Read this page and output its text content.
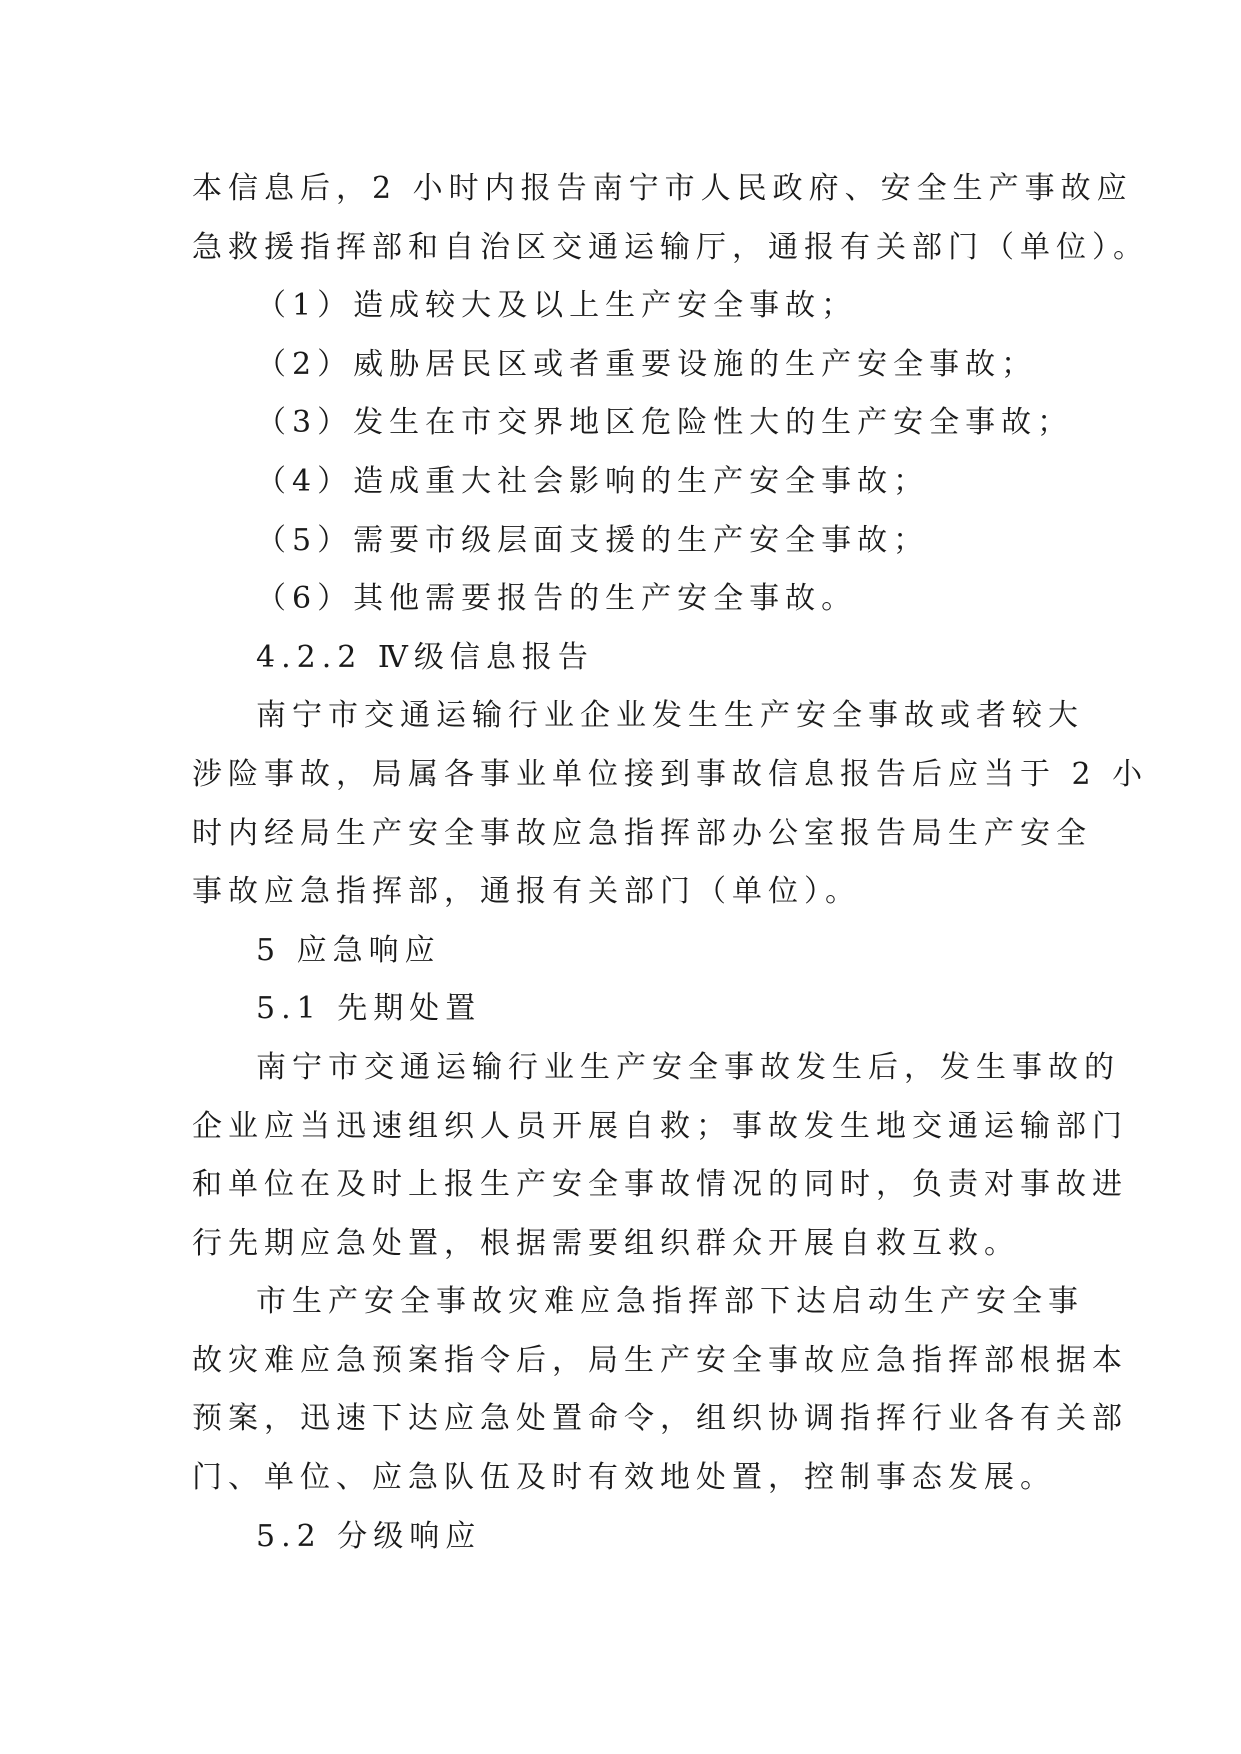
本信息后，2 小时内报告南宁市人民政府、安全生产事故应
急救援指挥部和自治区交通运输厅，通报有关部门（单位）。
（1）造成较大及以上生产安全事故；
（2）威胁居民区或者重要设施的生产安全事故；
（3）发生在市交界地区危险性大的生产安全事故；
（4）造成重大社会影响的生产安全事故；
（5）需要市级层面支援的生产安全事故；
（6）其他需要报告的生产安全事故。
4.2.2 Ⅳ级信息报告
南宁市交通运输行业企业发生生产安全事故或者较大
涉险事故，局属各事业单位接到事故信息报告后应当于 2 小
时内经局生产安全事故应急指挥部办公室报告局生产安全
事故应急指挥部，通报有关部门（单位）。
5 应急响应
5.1 先期处置
南宁市交通运输行业生产安全事故发生后，发生事故的
企业应当迅速组织人员开展自救；事故发生地交通运输部门
和单位在及时上报生产安全事故情况的同时，负责对事故进
行先期应急处置，根据需要组织群众开展自救互救。
市生产安全事故灾难应急指挥部下达启动生产安全事
故灾难应急预案指令后，局生产安全事故应急指挥部根据本
预案，迅速下达应急处置命令，组织协调指挥行业各有关部
门、单位、应急队伍及时有效地处置，控制事态发展。
5.2 分级响应
